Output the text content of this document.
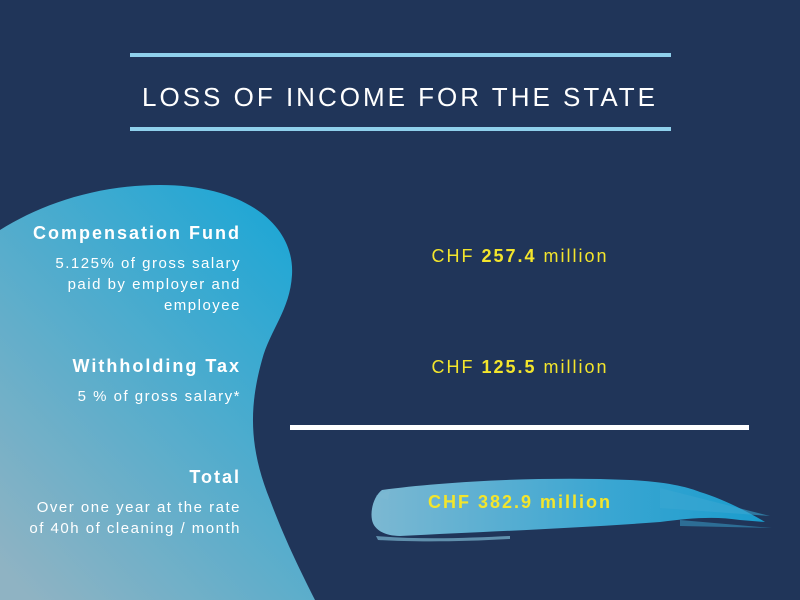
LOSS OF INCOME FOR THE STATE
Compensation Fund
5.125% of gross salary
paid by employer and
employee
CHF 257.4 million
Withholding Tax
5 % of gross salary*
CHF 125.5 million
Total
Over one year at the rate
of 40h of cleaning / month
CHF 382.9 million
